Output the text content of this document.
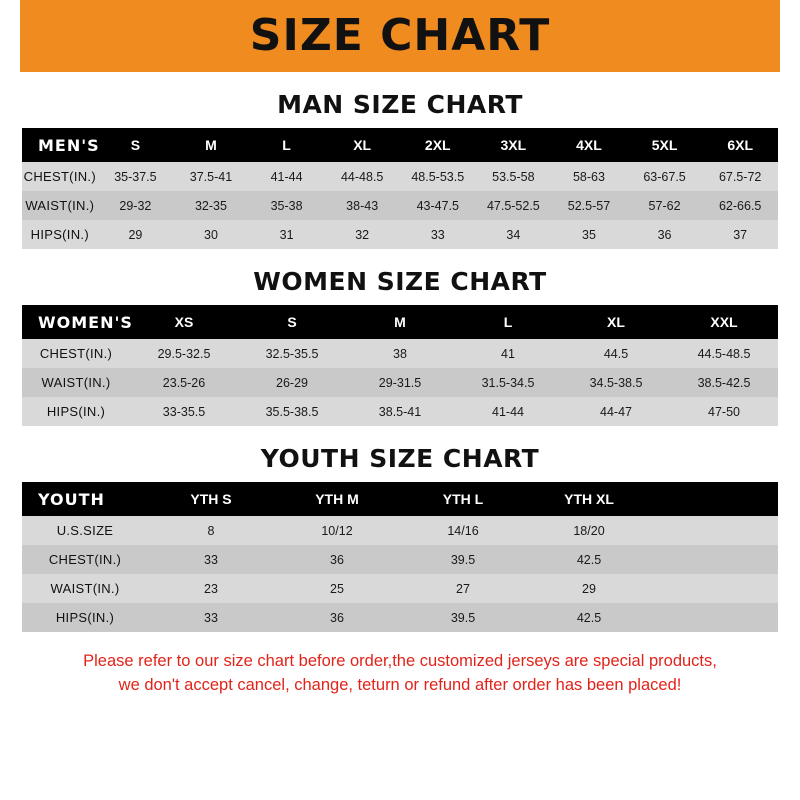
SIZE CHART
MAN SIZE CHART
MEN'S	S	M	L	XL	2XL	3XL	4XL	5XL	6XL
CHEST(IN.)	35-37.5	37.5-41	41-44	44-48.5	48.5-53.5	53.5-58	58-63	63-67.5	67.5-72
WAIST(IN.)	29-32	32-35	35-38	38-43	43-47.5	47.5-52.5	52.5-57	57-62	62-66.5
HIPS(IN.)	29	30	31	32	33	34	35	36	37
WOMEN SIZE CHART
WOMEN'S	XS	S	M	L	XL	XXL
CHEST(IN.)	29.5-32.5	32.5-35.5	38	41	44.5	44.5-48.5
WAIST(IN.)	23.5-26	26-29	29-31.5	31.5-34.5	34.5-38.5	38.5-42.5
HIPS(IN.)	33-35.5	35.5-38.5	38.5-41	41-44	44-47	47-50
YOUTH SIZE CHART
YOUTH	YTH S	YTH M	YTH L	YTH XL	
U.S.SIZE	8	10/12	14/16	18/20	
CHEST(IN.)	33	36	39.5	42.5	
WAIST(IN.)	23	25	27	29	
HIPS(IN.)	33	36	39.5	42.5	
Please refer to our size chart before order,the customized jerseys are special products,
we don't accept cancel, change, teturn or refund after order has been placed!
